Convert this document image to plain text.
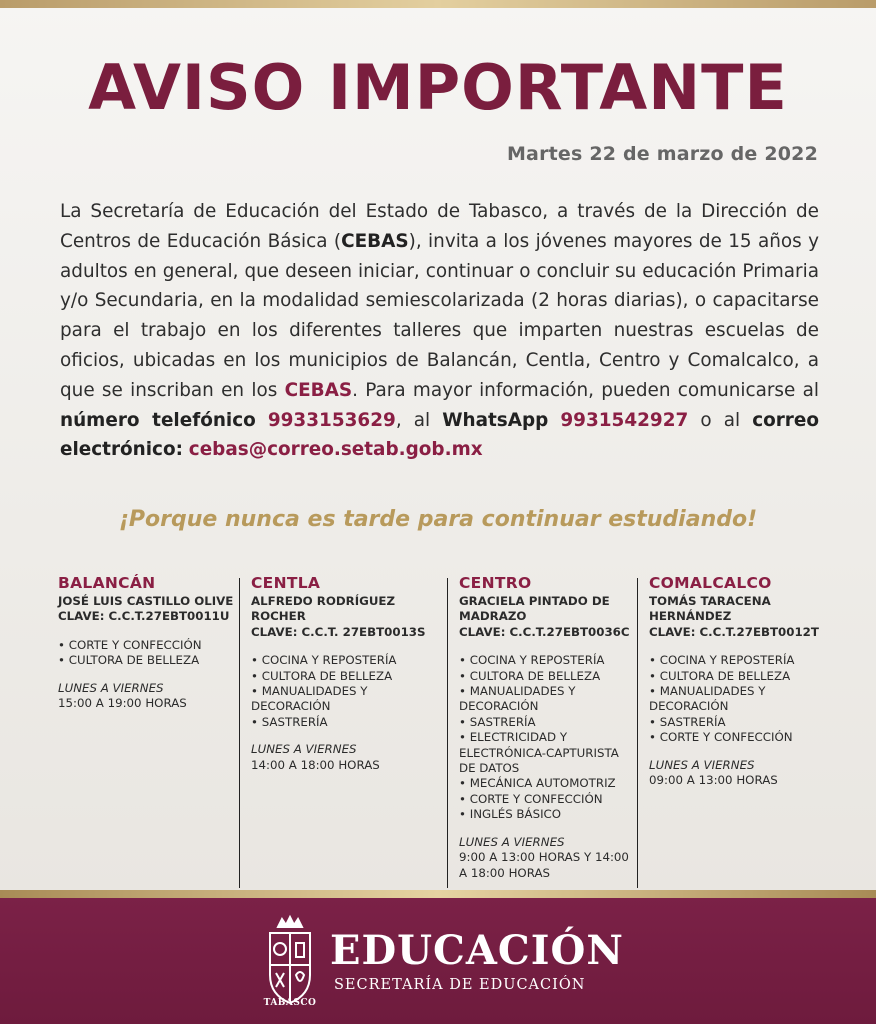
AVISO IMPORTANTE
Martes 22 de marzo de 2022
La Secretaría de Educación del Estado de Tabasco, a través de la Dirección de Centros de Educación Básica (CEBAS), invita a los jóvenes mayores de 15 años y adultos en general, que deseen iniciar, continuar o concluir su educación Primaria y/o Secundaria, en la modalidad semiescolarizada (2 horas diarias), o capacitarse para el trabajo en los diferentes talleres que imparten nuestras escuelas de oficios, ubicadas en los municipios de Balancán, Centla, Centro y Comalcalco, a que se inscriban en los CEBAS. Para mayor información, pueden comunicarse al número telefónico 9933153629, al WhatsApp 9931542927 o al correo electrónico: cebas@correo.setab.gob.mx
¡Porque nunca es tarde para continuar estudiando!
BALANCÁN
JOSÉ LUIS CASTILLO OLIVE
CLAVE: C.C.T.27EBT0011U
• CORTE Y CONFECCIÓN
• CULTORA DE BELLEZA
LUNES A VIERNES
15:00 A 19:00 HORAS
CENTLA
ALFREDO RODRÍGUEZ ROCHER
CLAVE: C.C.T. 27EBT0013S
• COCINA Y REPOSTERÍA
• CULTORA DE BELLEZA
• MANUALIDADES Y DECORACIÓN
• SASTRERÍA
LUNES A VIERNES
14:00 A 18:00 HORAS
CENTRO
GRACIELA PINTADO DE MADRAZO
CLAVE: C.C.T.27EBT0036C
• COCINA Y REPOSTERÍA
• CULTORA DE BELLEZA
• MANUALIDADES Y DECORACIÓN
• SASTRERÍA
• ELECTRICIDAD Y ELECTRÓNICA-CAPTURISTA DE DATOS
• MECÁNICA AUTOMOTRIZ
• CORTE Y CONFECCIÓN
• INGLÉS BÁSICO
LUNES A VIERNES
9:00 A 13:00 HORAS Y 14:00 A 18:00 HORAS
COMALCALCO
TOMÁS TARACENA HERNÁNDEZ
CLAVE: C.C.T.27EBT0012T
• COCINA Y REPOSTERÍA
• CULTORA DE BELLEZA
• MANUALIDADES Y DECORACIÓN
• SASTRERÍA
• CORTE Y CONFECCIÓN
LUNES A VIERNES
09:00 A 13:00 HORAS
TABASCO
EDUCACIÓN
SECRETARÍA DE EDUCACIÓN
